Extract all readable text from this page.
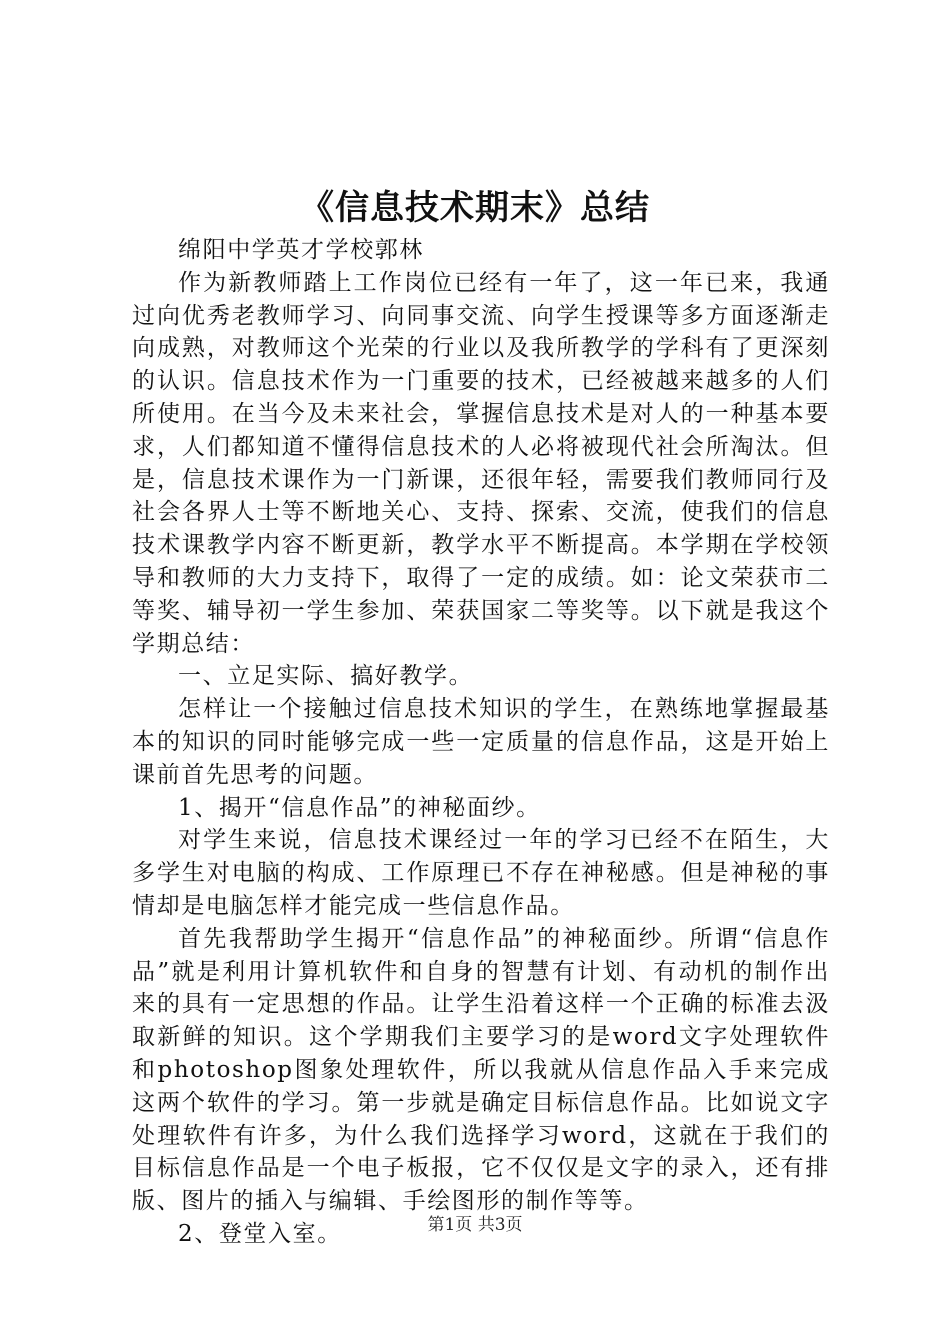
《信息技术期末》总结

绵阳中学英才学校郭林

作为新教师踏上工作岗位已经有一年了，这一年已来，我通过向优秀老教师学习、向同事交流、向学生授课等多方面逐渐走向成熟，对教师这个光荣的行业以及我所教学的学科有了更深刻的认识。信息技术作为一门重要的技术，已经被越来越多的人们所使用。在当今及未来社会，掌握信息技术是对人的一种基本要求，人们都知道不懂得信息技术的人必将被现代社会所淘汰。但是，信息技术课作为一门新课，还很年轻，需要我们教师同行及社会各界人士等不断地关心、支持、探索、交流，使我们的信息技术课教学内容不断更新，教学水平不断提高。本学期在学校领导和教师的大力支持下，取得了一定的成绩。如：论文荣获市二等奖、辅导初一学生参加、荣获国家二等奖等。以下就是我这个学期总结：

一、立足实际、搞好教学。

怎样让一个接触过信息技术知识的学生，在熟练地掌握最基本的知识的同时能够完成一些一定质量的信息作品，这是开始上课前首先思考的问题。

1、揭开“信息作品”的神秘面纱。

对学生来说，信息技术课经过一年的学习已经不在陌生，大多学生对电脑的构成、工作原理已不存在神秘感。但是神秘的事情却是电脑怎样才能完成一些信息作品。

首先我帮助学生揭开“信息作品”的神秘面纱。所谓“信息作品”就是利用计算机软件和自身的智慧有计划、有动机的制作出来的具有一定思想的作品。让学生沿着这样一个正确的标准去汲取新鲜的知识。这个学期我们主要学习的是word文字处理软件和photoshop图象处理软件，所以我就从信息作品入手来完成这两个软件的学习。第一步就是确定目标信息作品。比如说文字处理软件有许多，为什么我们选择学习word，这就在于我们的目标信息作品是一个电子板报，它不仅仅是文字的录入，还有排版、图片的插入与编辑、手绘图形的制作等等。

2、登堂入室。	第1页 共3页
